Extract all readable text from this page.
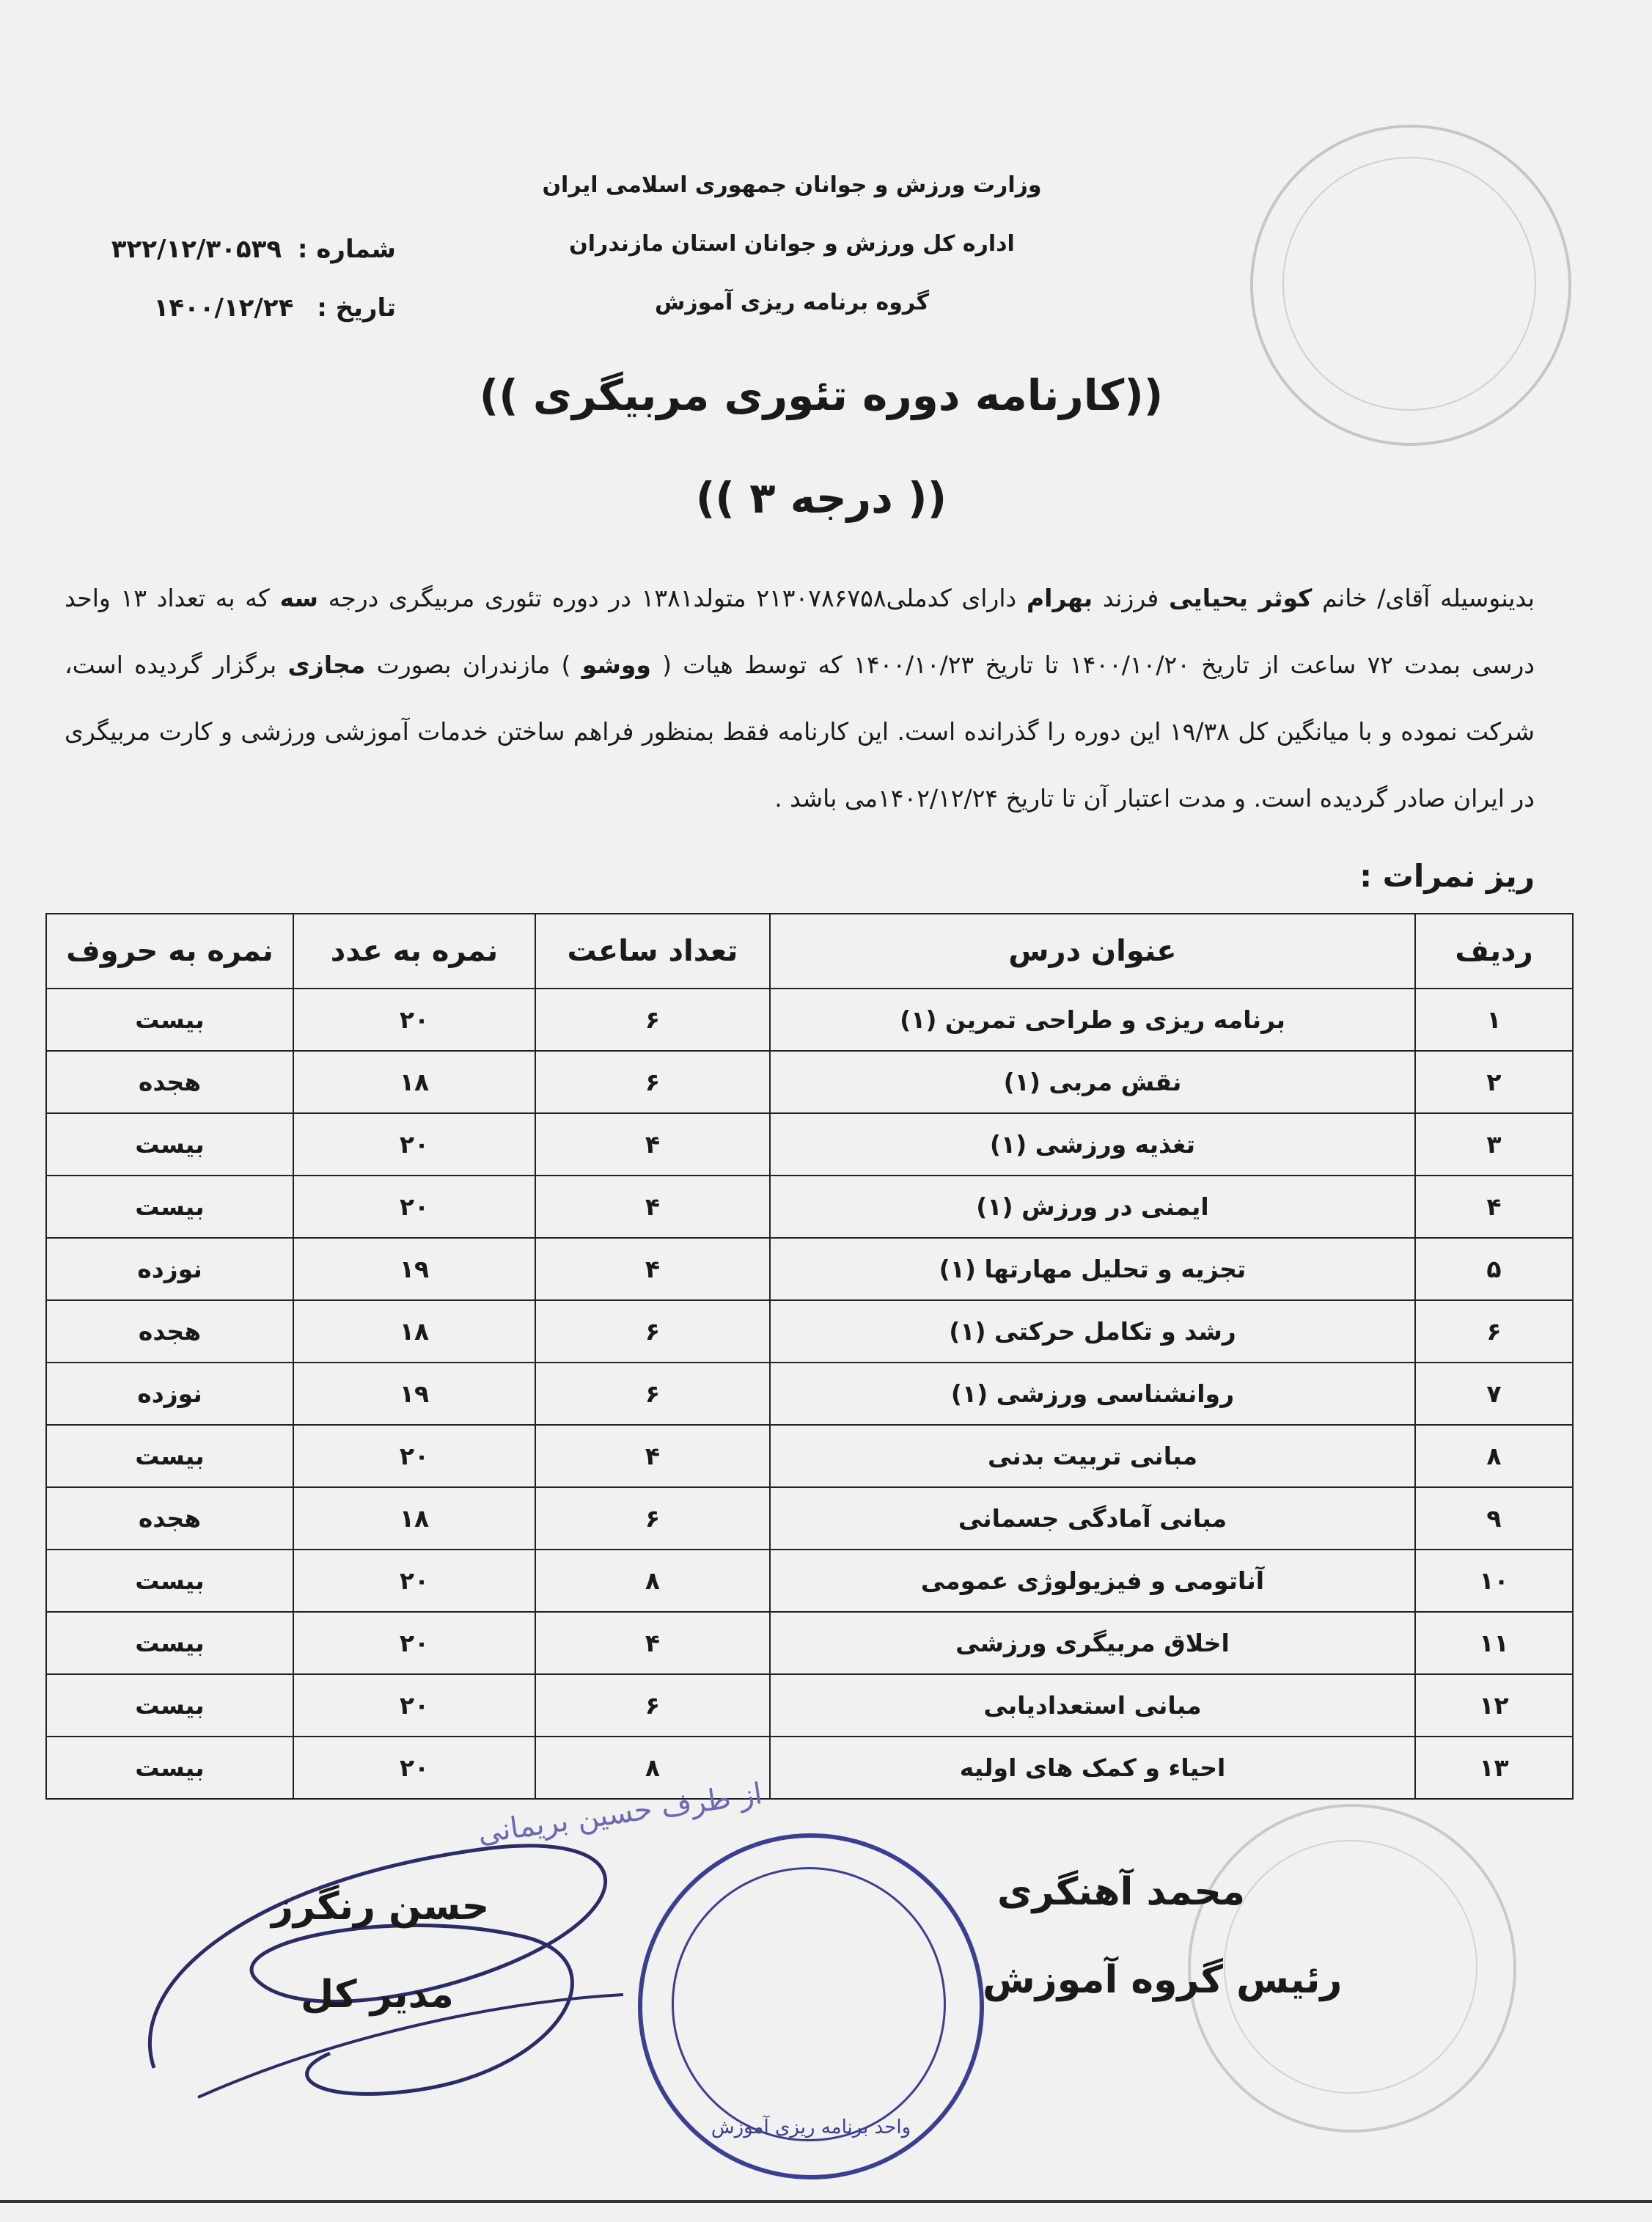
وزارت ورزش و جوانان جمهوری اسلامی ایران
اداره کل ورزش و جوانان استان مازندران
گروه برنامه ریزی آموزش
شماره : ۳۲۲/۱۲/۳۰۵۳۹
تاریخ : ۱۴۰۰/۱۲/۲۴
((کارنامه دوره تئوری مربیگری ))
(( درجه ۳ ))
بدینوسیله آقای/ خانم کوثر یحیایی فرزند بهرام دارای کدملی۲۱۳۰۷۸۶۷۵۸ متولد۱۳۸۱ در دوره تئوری مربیگری درجه سه که به تعداد ۱۳ واحد درسی بمدت ۷۲ ساعت از تاریخ ۱۴۰۰/۱۰/۲۰ تا تاریخ ۱۴۰۰/۱۰/۲۳ که توسط هیات ( ووشو ) مازندران بصورت مجازی برگزار گردیده است، شرکت نموده و با میانگین کل ۱۹/۳۸ این دوره را گذرانده است. این کارنامه فقط بمنظور فراهم ساختن خدمات آموزشی ورزشی و کارت مربیگری در ایران صادر گردیده است. و مدت اعتبار آن تا تاریخ ۱۴۰۲/۱۲/۲۴می باشد .
ریز نمرات :
ردیف	عنوان درس	تعداد ساعت	نمره به عدد	نمره به حروف
۱	برنامه ریزی و طراحی تمرین (۱)	۶	۲۰	بیست
۲	نقش مربی (۱)	۶	۱۸	هجده
۳	تغذیه ورزشی (۱)	۴	۲۰	بیست
۴	ایمنی در ورزش (۱)	۴	۲۰	بیست
۵	تجزیه و تحلیل مهارتها (۱)	۴	۱۹	نوزده
۶	رشد و تکامل حرکتی (۱)	۶	۱۸	هجده
۷	روانشناسی ورزشی (۱)	۶	۱۹	نوزده
۸	مبانی تربیت بدنی	۴	۲۰	بیست
۹	مبانی آمادگی جسمانی	۶	۱۸	هجده
۱۰	آناتومی و فیزیولوژی عمومی	۸	۲۰	بیست
۱۱	اخلاق مربیگری ورزشی	۴	۲۰	بیست
۱۲	مبانی استعدادیابی	۶	۲۰	بیست
۱۳	احیاء و کمک های اولیه	۸	۲۰	بیست
از طرف حسین بریمانی
واحد برنامه ریزی آموزش
محمد آهنگری
رئیس گروه آموزش
حسن رنگرز
مدیر کل
